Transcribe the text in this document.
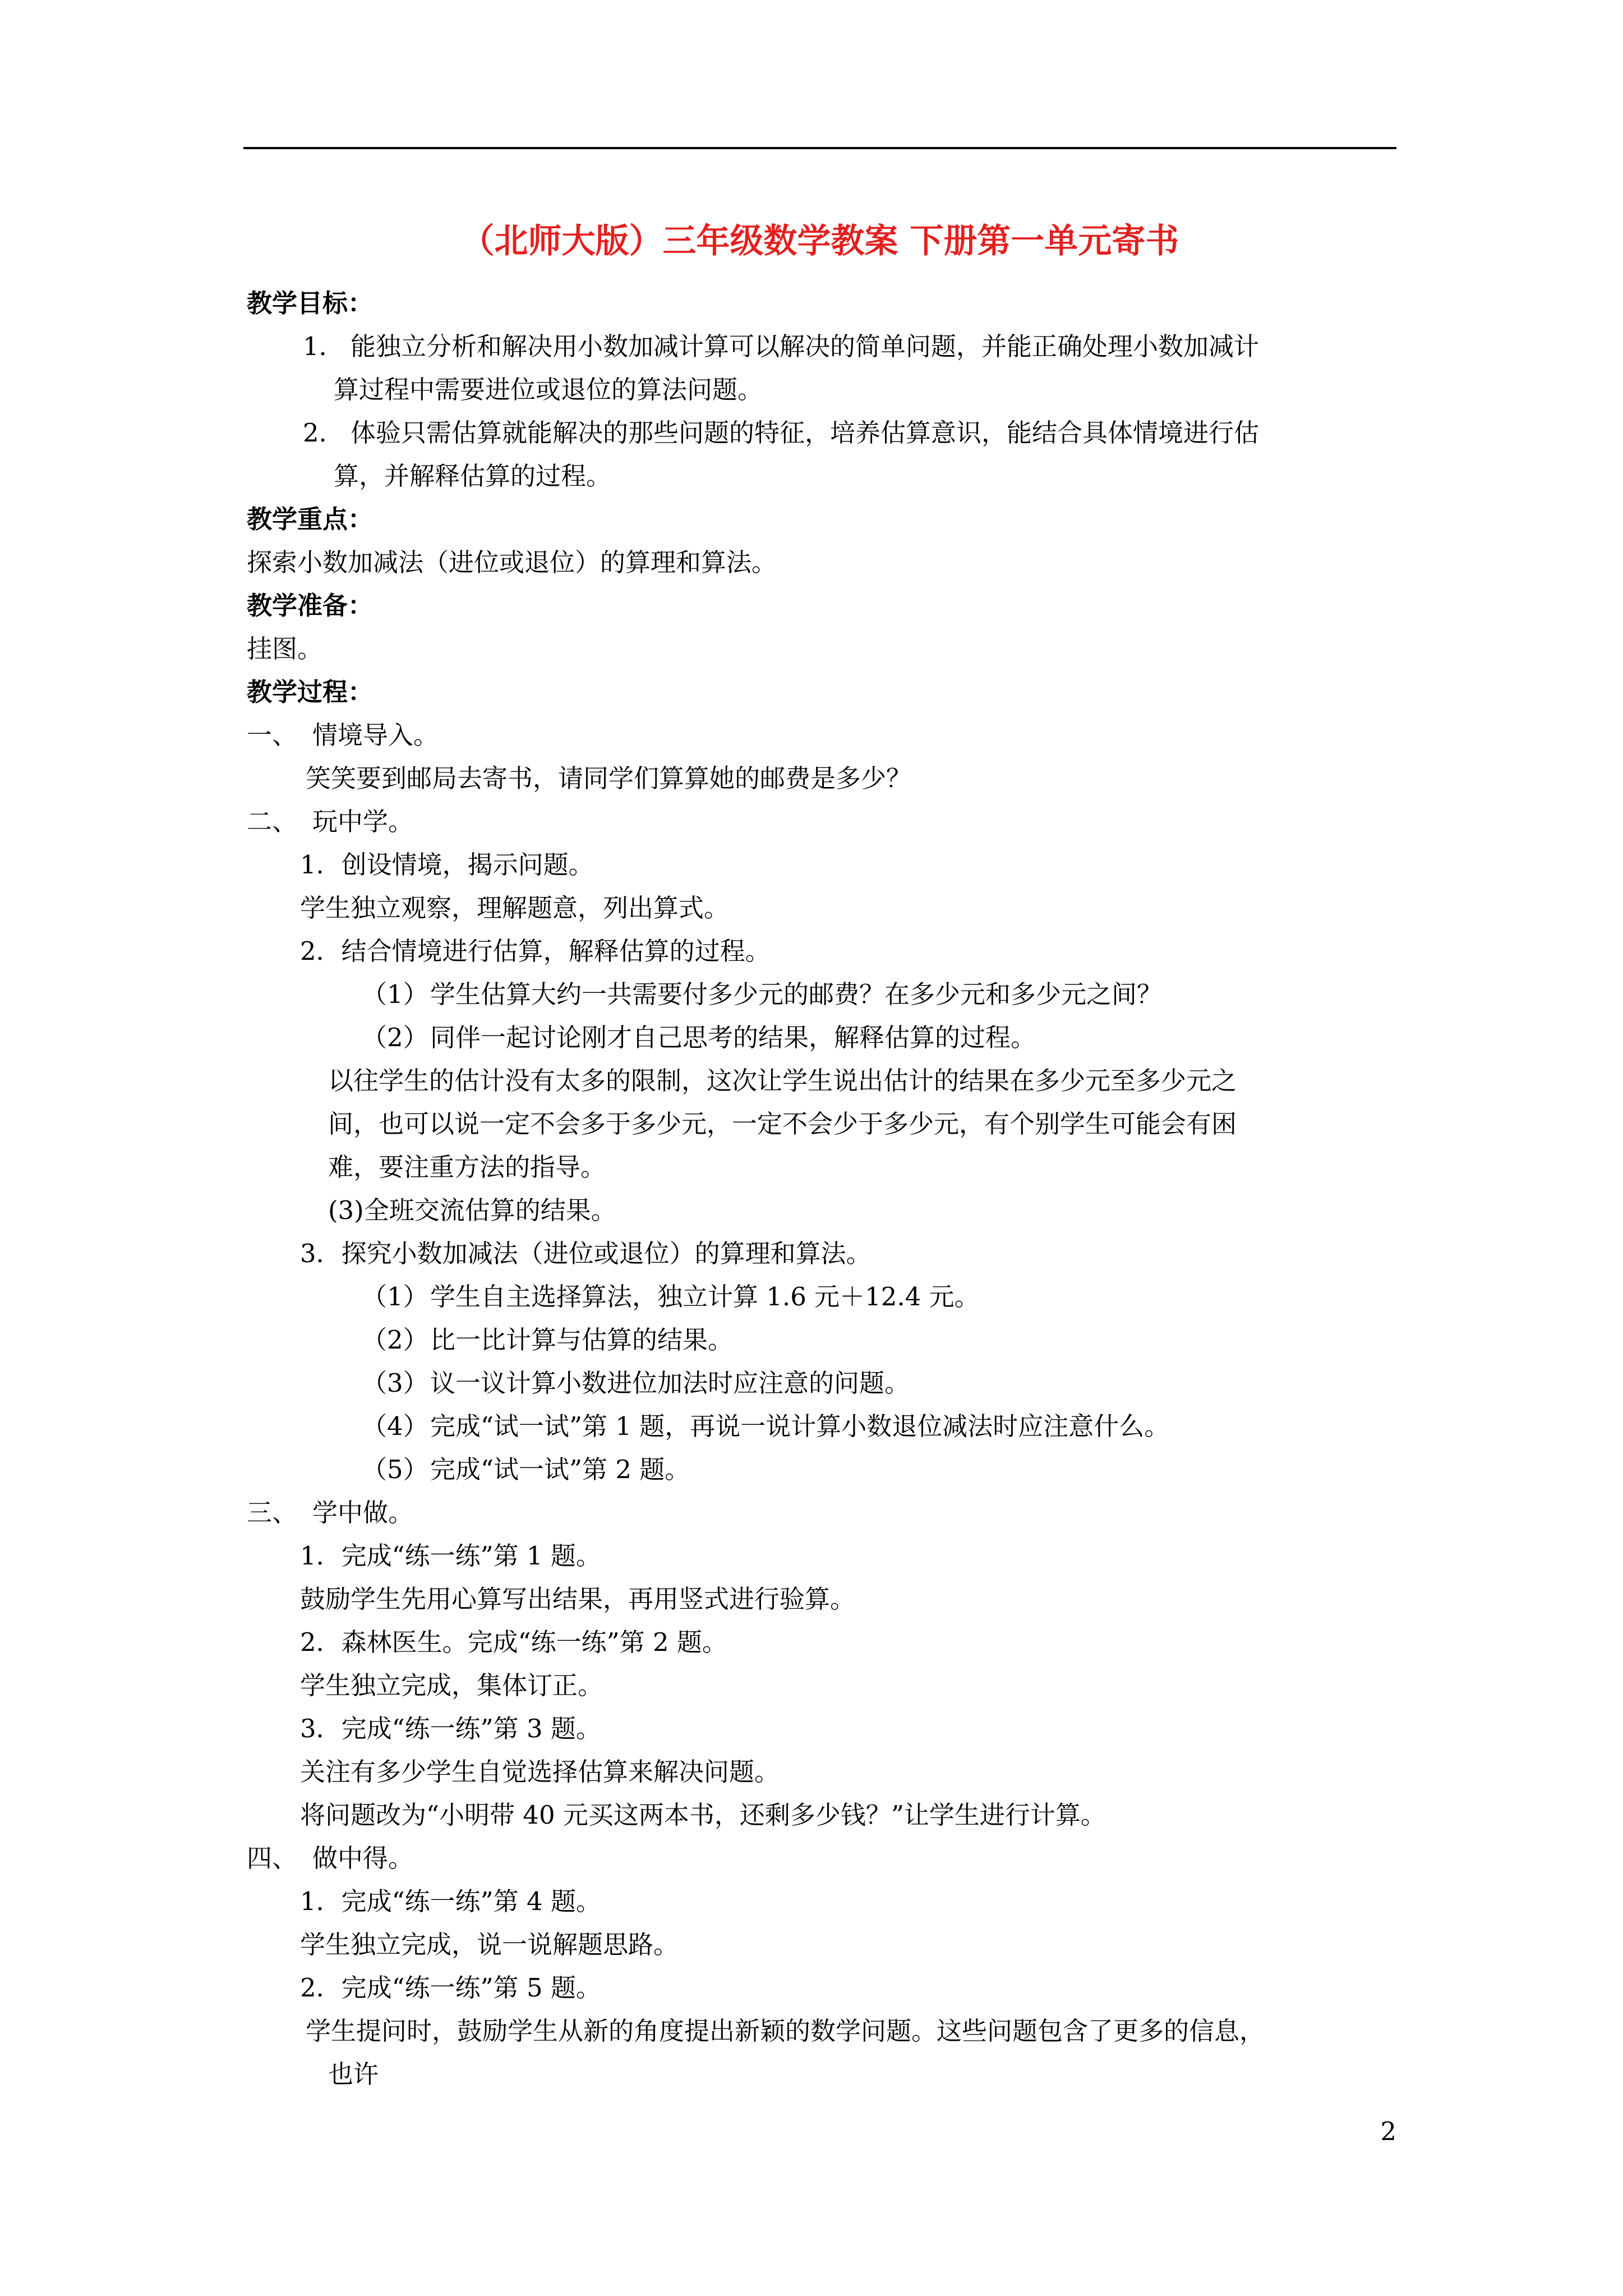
（北师大版）三年级数学教案 下册第一单元寄书
教学目标：
1． 能独立分析和解决用小数加减计算可以解决的简单问题，并能正确处理小数加减计
算过程中需要进位或退位的算法问题。
2． 体验只需估算就能解决的那些问题的特征，培养估算意识，能结合具体情境进行估
算，并解释估算的过程。
教学重点：
探索小数加减法（进位或退位）的算理和算法。
教学准备：
挂图。
教学过程：
一、 情境导入。
笑笑要到邮局去寄书，请同学们算算她的邮费是多少？
二、 玩中学。
1．创设情境，揭示问题。
学生独立观察，理解题意，列出算式。
2．结合情境进行估算，解释估算的过程。
（1）学生估算大约一共需要付多少元的邮费？在多少元和多少元之间？
（2）同伴一起讨论刚才自己思考的结果，解释估算的过程。
以往学生的估计没有太多的限制，这次让学生说出估计的结果在多少元至多少元之
间，也可以说一定不会多于多少元，一定不会少于多少元，有个别学生可能会有困
难，要注重方法的指导。
(3)全班交流估算的结果。
3．探究小数加减法（进位或退位）的算理和算法。
（1）学生自主选择算法，独立计算 1.6 元＋12.4 元。
（2）比一比计算与估算的结果。
（3）议一议计算小数进位加法时应注意的问题。
（4）完成“试一试”第 1 题，再说一说计算小数退位减法时应注意什么。
（5）完成“试一试”第 2 题。
三、 学中做。
1．完成“练一练”第 1 题。
鼓励学生先用心算写出结果，再用竖式进行验算。
2．森林医生。完成“练一练”第 2 题。
学生独立完成，集体订正。
3．完成“练一练”第 3 题。
关注有多少学生自觉选择估算来解决问题。
将问题改为“小明带 40 元买这两本书，还剩多少钱？”让学生进行计算。
四、 做中得。
1．完成“练一练”第 4 题。
学生独立完成，说一说解题思路。
2．完成“练一练”第 5 题。
学生提问时，鼓励学生从新的角度提出新颖的数学问题。这些问题包含了更多的信息，
也许
2
